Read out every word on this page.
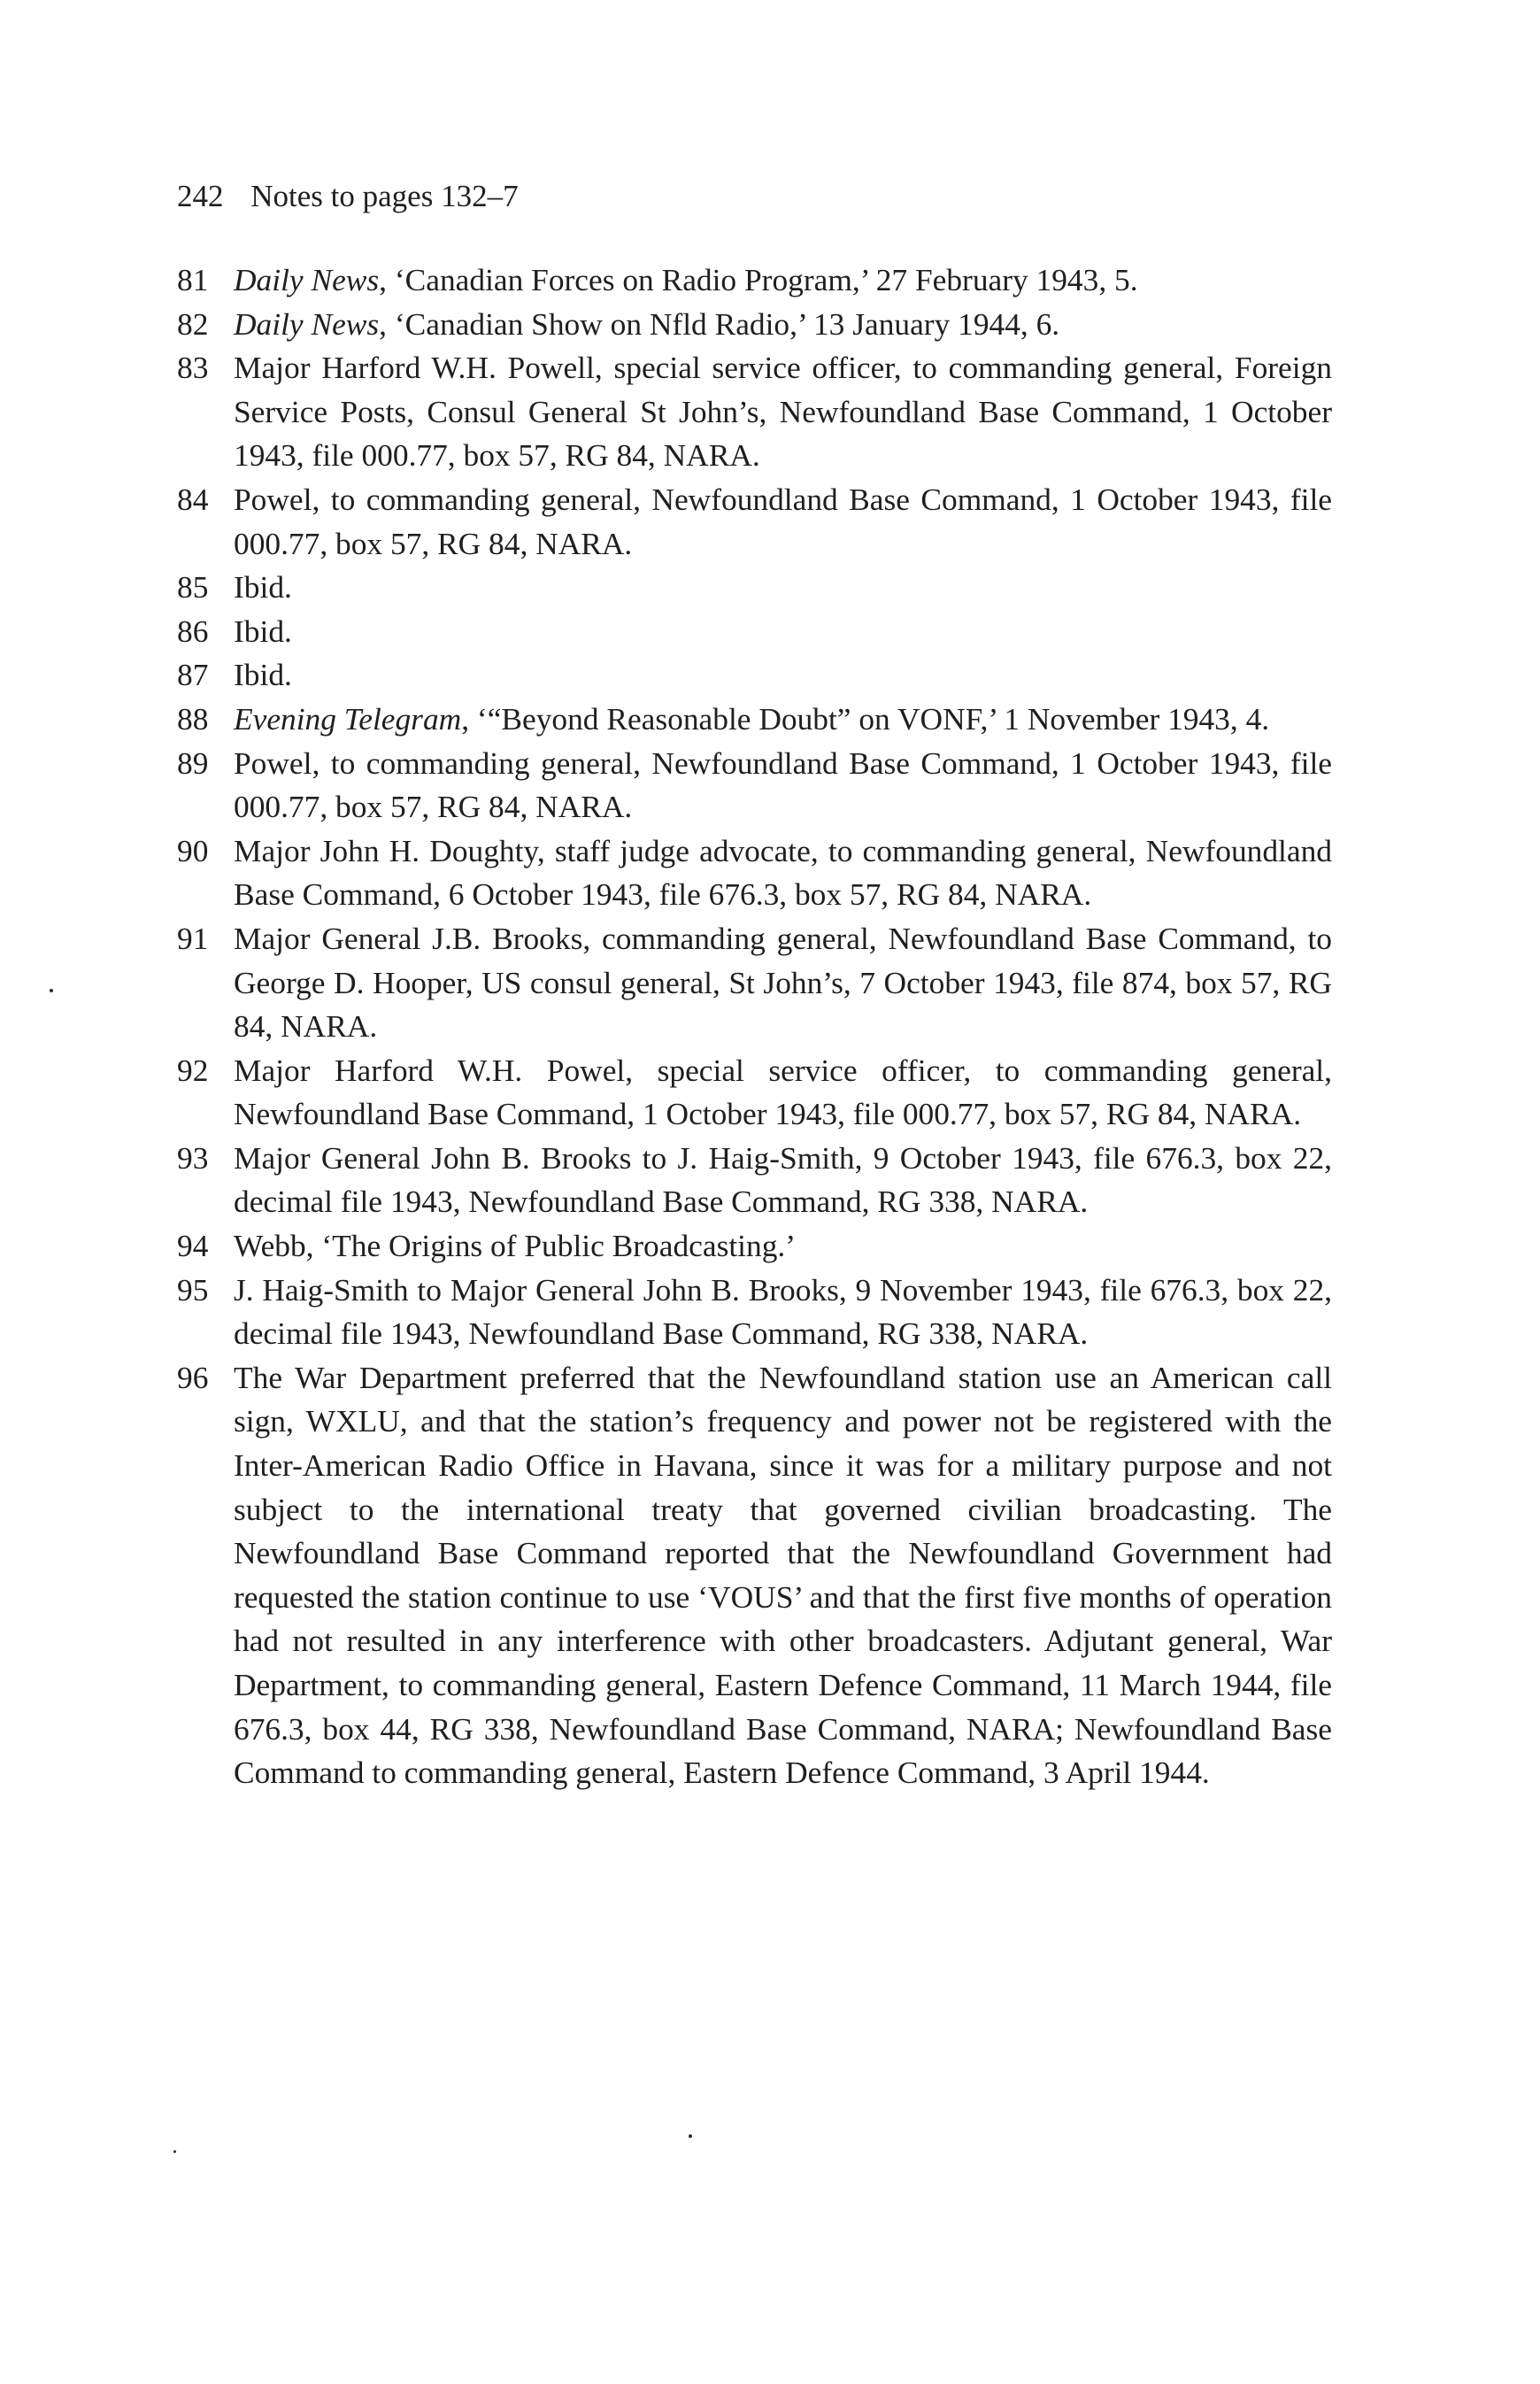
242 Notes to pages 132–7
81 Daily News, ‘Canadian Forces on Radio Program,’ 27 February 1943, 5.
82 Daily News, ‘Canadian Show on Nfld Radio,’ 13 January 1944, 6.
83 Major Harford W.H. Powell, special service officer, to commanding general, Foreign Service Posts, Consul General St John’s, Newfoundland Base Command, 1 October 1943, file 000.77, box 57, RG 84, NARA.
84 Powel, to commanding general, Newfoundland Base Command, 1 October 1943, file 000.77, box 57, RG 84, NARA.
85 Ibid.
86 Ibid.
87 Ibid.
88 Evening Telegram, ‘“Beyond Reasonable Doubt” on VONF,’ 1 November 1943, 4.
89 Powel, to commanding general, Newfoundland Base Command, 1 October 1943, file 000.77, box 57, RG 84, NARA.
90 Major John H. Doughty, staff judge advocate, to commanding general, Newfoundland Base Command, 6 October 1943, file 676.3, box 57, RG 84, NARA.
91 Major General J.B. Brooks, commanding general, Newfoundland Base Command, to George D. Hooper, US consul general, St John’s, 7 October 1943, file 874, box 57, RG 84, NARA.
92 Major Harford W.H. Powel, special service officer, to commanding general, Newfoundland Base Command, 1 October 1943, file 000.77, box 57, RG 84, NARA.
93 Major General John B. Brooks to J. Haig-Smith, 9 October 1943, file 676.3, box 22, decimal file 1943, Newfoundland Base Command, RG 338, NARA.
94 Webb, ‘The Origins of Public Broadcasting.’
95 J. Haig-Smith to Major General John B. Brooks, 9 November 1943, file 676.3, box 22, decimal file 1943, Newfoundland Base Command, RG 338, NARA.
96 The War Department preferred that the Newfoundland station use an American call sign, WXLU, and that the station’s frequency and power not be registered with the Inter-American Radio Office in Havana, since it was for a military purpose and not subject to the international treaty that governed civilian broadcasting. The Newfoundland Base Command reported that the Newfoundland Government had requested the station continue to use ‘VOUS’ and that the first five months of operation had not resulted in any interference with other broadcasters. Adjutant general, War Department, to commanding general, Eastern Defence Command, 11 March 1944, file 676.3, box 44, RG 338, Newfoundland Base Command, NARA; Newfoundland Base Command to commanding general, Eastern Defence Command, 3 April 1944.
